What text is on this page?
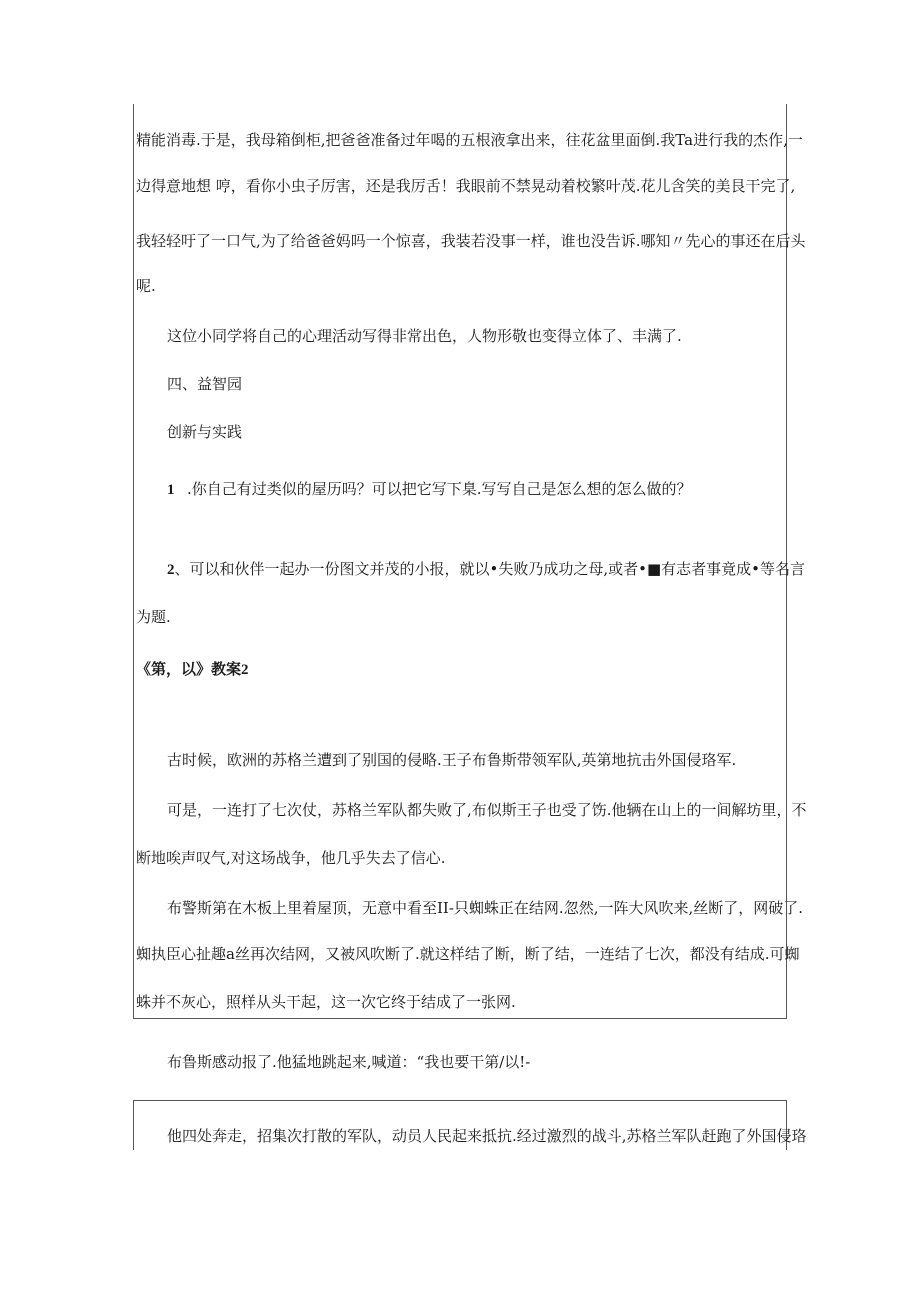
精能消毒.于是，我母箱倒柜,把爸爸准备过年喝的五根液拿出来，往花盆里面倒.我Ta进行我的杰作,一

边得意地想 哼，看你小虫子厉害，还是我厉舌！我眼前不禁晃动着校繁叶茂.花儿含笑的美艮干完了,

我轻轻吁了一口气,为了给爸爸妈吗一个惊喜，我装若没事一样，谁也没告诉.哪知〃先心的事还在后头

呢.

这位小同学将自己的心理活动写得非常出色，人物形敬也变得立体了、丰满了.

四、益智园

创新与实践

1 .你自己有过类似的屋历吗？可以把它写下臬.写写自己是怎么想的怎么做的？

2、可以和伙伴一起办一份图文并茂的小报，就以•失败乃成功之母,或者•■有志者事竟成•等名言

为题.

《第，以》教案2

古时候，欧洲的苏格兰遭到了别国的侵略.王子布鲁斯带领军队,英第地抗击外国侵珞军.

可是，一连打了七次仗，苏格兰军队都失败了,布似斯王子也受了饬.他辆在山上的一间解坊里，不

断地唉声叹气,对这场战争，他几乎失去了信心.

布警斯第在木板上里着屋顶，无意中看至II-只蜘蛛正在结网.忽然,一阵大风吹来,丝断了，网破了.

蜘执臣心扯趣a丝再次结网，又被风吹断了.就这样结了断，断了结，一连结了七次，都没有结成.可蜘

蛛并不灰心，照样从头干起，这一次它终于结成了一张网.

布鲁斯感动报了.他猛地跳起来,喊道：“我也要干第/以!-

他四处奔走，招集次打散的军队，动员人民起来抵抗.经过激烈的战斗,苏格兰军队赶跑了外国侵珞
